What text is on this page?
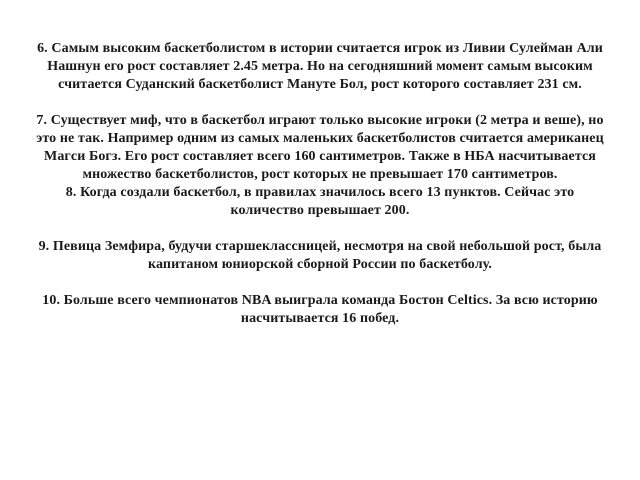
6. Самым высоким баскетболистом в истории считается игрок из Ливии Сулейман Али Нашнун его рост составляет 2.45 метра. Но на сегодняшний момент самым высоким считается Суданский баскетболист Мануте Бол, рост которого составляет 231 см.

7. Существует миф, что в баскетбол играют только высокие игроки (2 метра и веше), но это не так. Например одним из самых маленьких баскетболистов считается американец Магси Богз. Его рост составляет всего 160 сантиметров. Также в НБА насчитывается множество баскетболистов, рост которых не превышает 170 сантиметров.

8. Когда создали баскетбол, в правилах значилось всего 13 пунктов. Сейчас это количество превышает 200.

9. Певица Земфира, будучи старшеклассницей, несмотря на свой небольшой рост, была капитаном юниорской сборной России по баскетболу.

10. Больше всего чемпионатов NBA выиграла команда Бостон Celtics. За всю историю насчитывается 16 побед.
